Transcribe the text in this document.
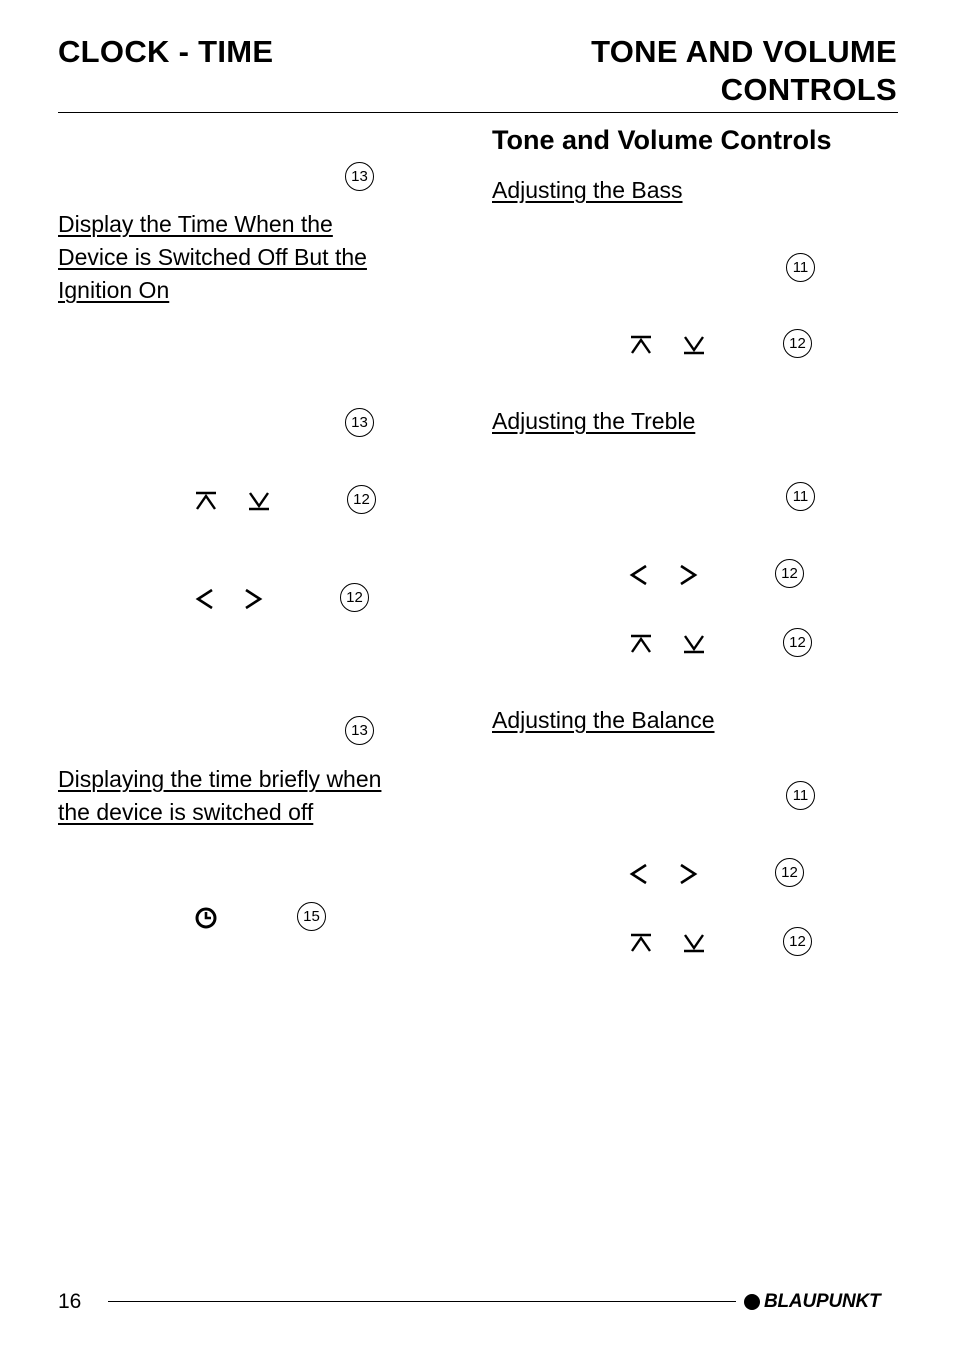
CLOCK - TIME	TONE AND VOLUME
CONTROLS
13
Display the Time When the
Device is Switched Off But the
Ignition On
13
12
12
13
Displaying the time briefly when
the device is switched off
15
Tone and Volume Controls
Adjusting the Bass
11
12
Adjusting the Treble
11
12
12
Adjusting the Balance
11
12
12
16	BLAUPUNKT
